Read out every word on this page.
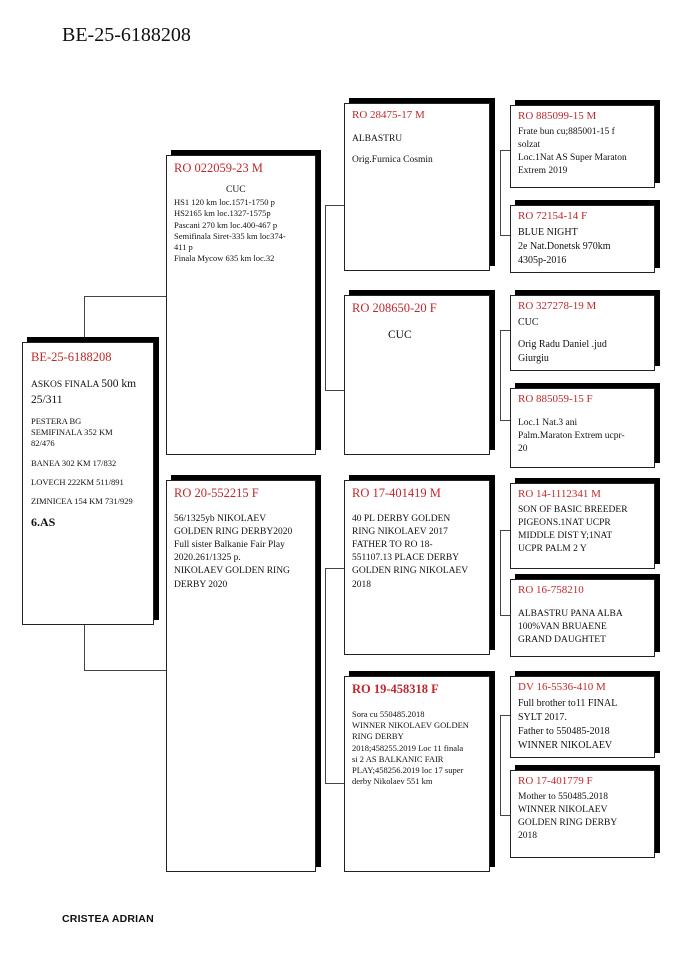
BE-25-6188208
BE-25-6188208
ASKOS FINALA 500 km
25/311
PESTERA BG
SEMIFINALA 352 KM
82/476
BANEA 302 KM 17/832
LOVECH 222KM 511/891
ZIMNICEA 154 KM 731/929
6.AS
RO 022059-23 M
CUC
HS1 120 km loc.1571-1750 p
HS2165 km loc.1327-1575p
Pascani 270 km loc.400-467 p
Semifinala Siret-335 km loc374-
411 p
Finala Mycow 635 km loc.32
RO 20-552215 F
56/1325yb NIKOLAEV
GOLDEN RING DERBY2020
Full sister Balkanie Fair Play
2020.261/1325 p.
NIKOLAEV GOLDEN RING
DERBY 2020
RO 28475-17 M
ALBASTRU
Orig.Furnica Cosmin
RO 208650-20 F
CUC
RO 17-401419 M
40 PL DERBY GOLDEN
RING NIKOLAEV 2017
FATHER TO RO 18-
551107.13 PLACE DERBY
GOLDEN RING NIKOLAEV
2018
RO 19-458318 F
Sora cu 550485.2018
WINNER NIKOLAEV GOLDEN
RING DERBY
2018;458255.2019 Loc 11 finala
si 2 AS BALKANIC FAIR
PLAY;458256.2019 loc 17 super
derby Nikolaev 551 km
RO 885099-15 M
Frate bun cu;885001-15 f
solzat
Loc.1Nat AS Super Maraton
Extrem 2019
RO 72154-14 F
BLUE NIGHT
2e Nat.Donetsk 970km
4305p-2016
RO 327278-19 M
CUC
Orig Radu Daniel .jud
Giurgiu
RO 885059-15 F
Loc.1 Nat.3 ani
Palm.Maraton Extrem ucpr-
20
RO 14-1112341 M
SON OF BASIC BREEDER
PIGEONS.1NAT UCPR
MIDDLE DIST Y;1NAT
UCPR PALM 2 Y
RO 16-758210
ALBASTRU PANA ALBA
100%VAN BRUAENE
GRAND DAUGHTET
DV 16-5536-410 M
Full brother to11 FINAL
SYLT 2017.
Father to 550485-2018
WINNER NIKOLAEV
RO 17-401779 F
Mother to 550485.2018
WINNER NIKOLAEV
GOLDEN RING DERBY
2018
CRISTEA ADRIAN
